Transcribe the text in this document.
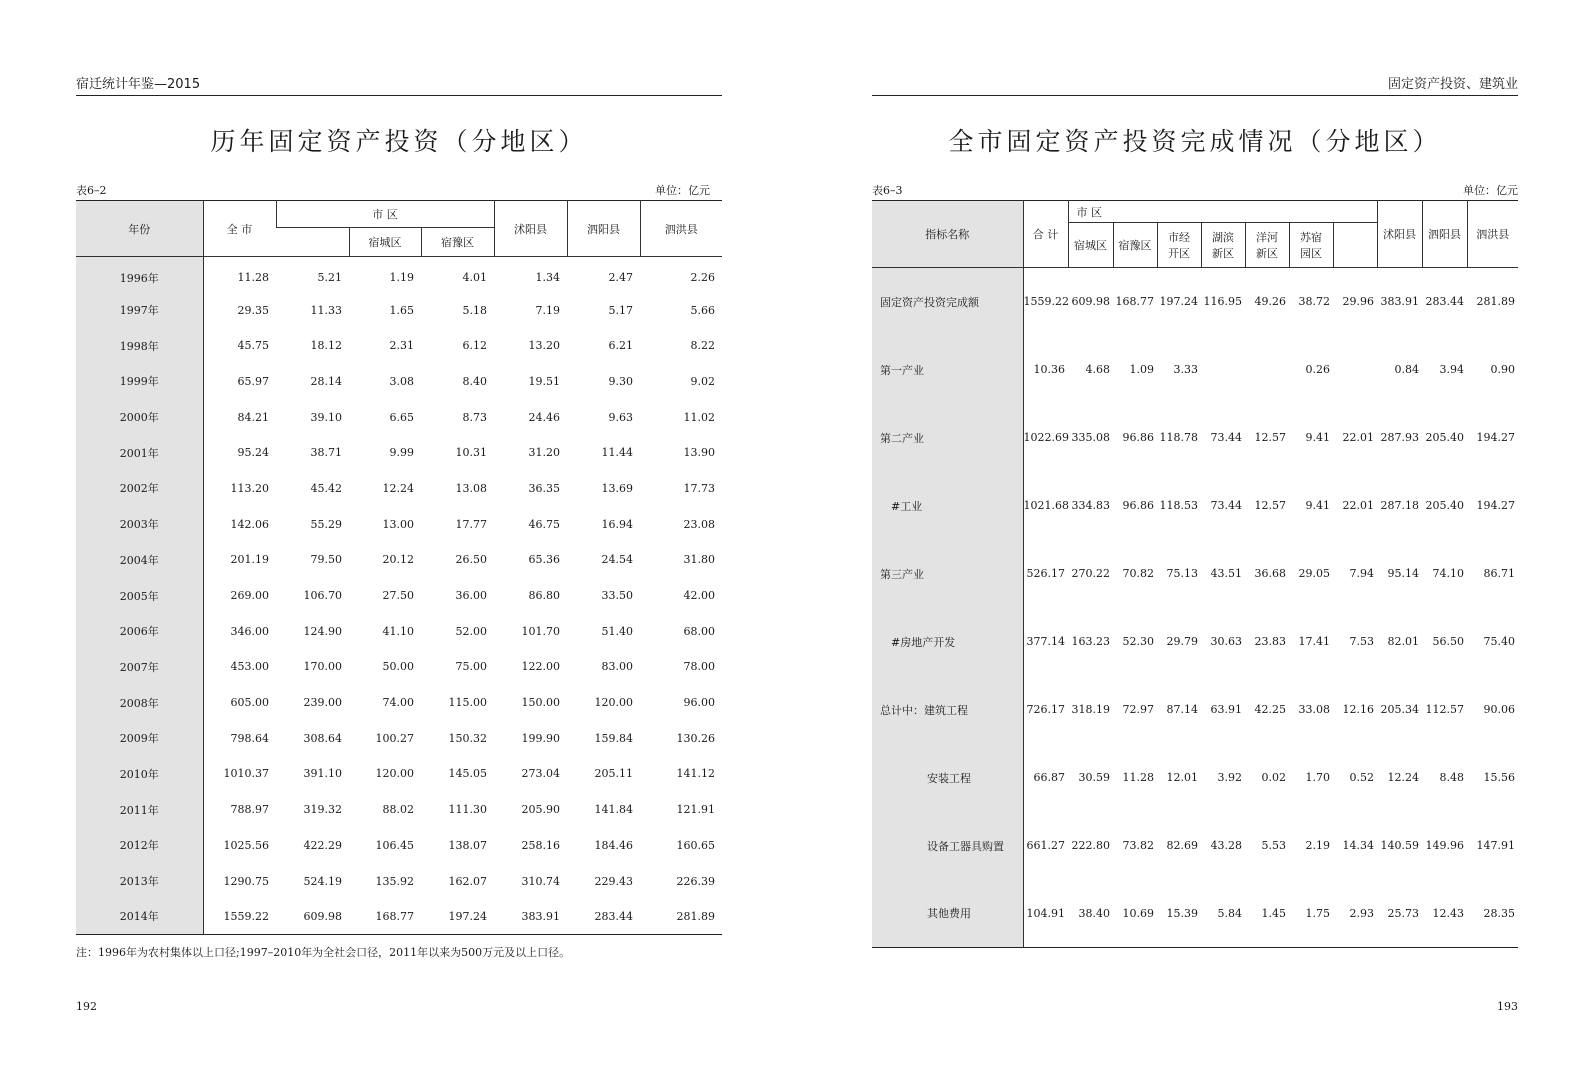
宿迁统计年鉴—2015
历年固定资产投资（分地区）
表6–2	单位：亿元
年份	全 市	市 区			沭阳县	泗阳县	泗洪县
			宿城区	宿豫区			
1996年	11.28	5.21	1.19	4.01	1.34	2.47	2.26
1997年	29.35	11.33	1.65	5.18	7.19	5.17	5.66
1998年	45.75	18.12	2.31	6.12	13.20	6.21	8.22
1999年	65.97	28.14	3.08	8.40	19.51	9.30	9.02
2000年	84.21	39.10	6.65	8.73	24.46	9.63	11.02
2001年	95.24	38.71	9.99	10.31	31.20	11.44	13.90
2002年	113.20	45.42	12.24	13.08	36.35	13.69	17.73
2003年	142.06	55.29	13.00	17.77	46.75	16.94	23.08
2004年	201.19	79.50	20.12	26.50	65.36	24.54	31.80
2005年	269.00	106.70	27.50	36.00	86.80	33.50	42.00
2006年	346.00	124.90	41.10	52.00	101.70	51.40	68.00
2007年	453.00	170.00	50.00	75.00	122.00	83.00	78.00
2008年	605.00	239.00	74.00	115.00	150.00	120.00	96.00
2009年	798.64	308.64	100.27	150.32	199.90	159.84	130.26
2010年	1010.37	391.10	120.00	145.05	273.04	205.11	141.12
2011年	788.97	319.32	88.02	111.30	205.90	141.84	121.91
2012年	1025.56	422.29	106.45	138.07	258.16	184.46	160.65
2013年	1290.75	524.19	135.92	162.07	310.74	229.43	226.39
2014年	1559.22	609.98	168.77	197.24	383.91	283.44	281.89
注：1996年为农村集体以上口径;1997–2010年为全社会口径，2011年以来为500万元及以上口径。
192
固定资产投资、建筑业
全市固定资产投资完成情况（分地区）
表6–3	单位：亿元
指标名称	合 计	市 区							沭阳县	泗阳县	泗洪县
		宿城区	宿豫区	市经
开区	湖滨
新区	洋河
新区	苏宿
园区				
固定资产投资完成额	1559.22	609.98	168.77	197.24	116.95	49.26	38.72	29.96	383.91	283.44	281.89
第一产业	10.36	4.68	1.09	3.33			0.26		0.84	3.94	0.90
第二产业	1022.69	335.08	96.86	118.78	73.44	12.57	9.41	22.01	287.93	205.40	194.27
#工业	1021.68	334.83	96.86	118.53	73.44	12.57	9.41	22.01	287.18	205.40	194.27
第三产业	526.17	270.22	70.82	75.13	43.51	36.68	29.05	7.94	95.14	74.10	86.71
#房地产开发	377.14	163.23	52.30	29.79	30.63	23.83	17.41	7.53	82.01	56.50	75.40
总计中：建筑工程	726.17	318.19	72.97	87.14	63.91	42.25	33.08	12.16	205.34	112.57	90.06
安装工程	66.87	30.59	11.28	12.01	3.92	0.02	1.70	0.52	12.24	8.48	15.56
设备工器具购置	661.27	222.80	73.82	82.69	43.28	5.53	2.19	14.34	140.59	149.96	147.91
其他费用	104.91	38.40	10.69	15.39	5.84	1.45	1.75	2.93	25.73	12.43	28.35
193
